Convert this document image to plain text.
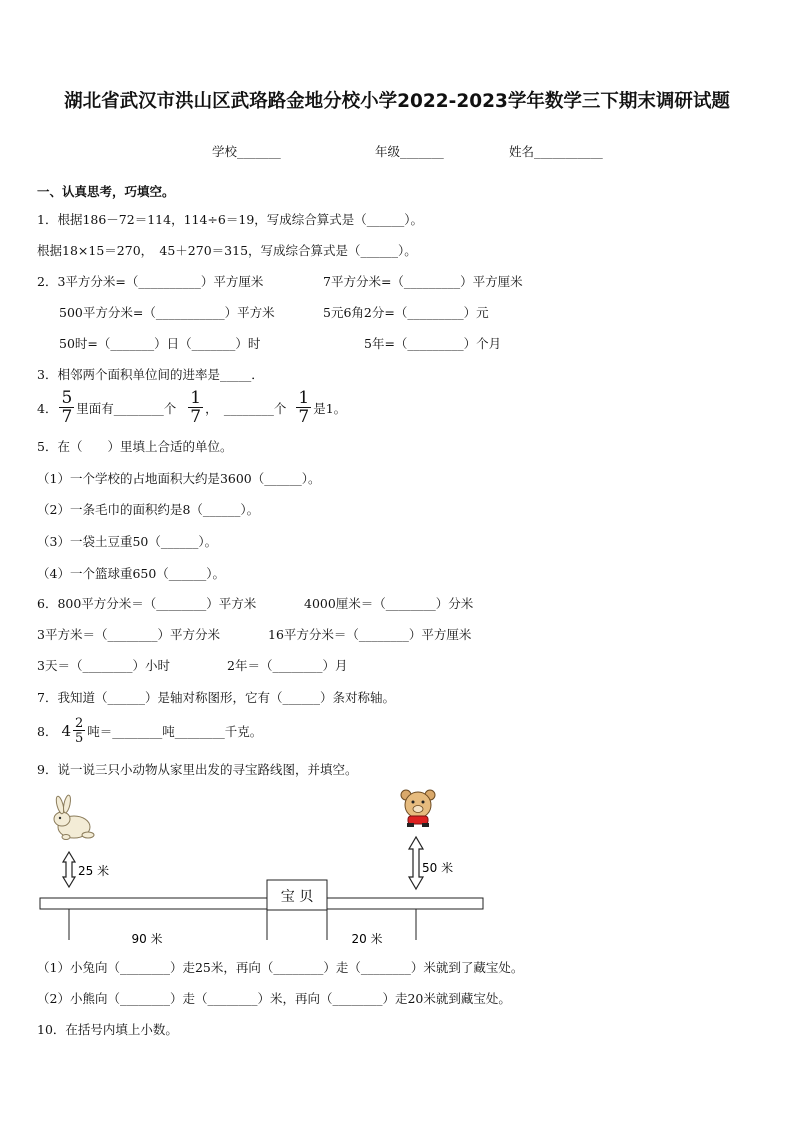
湖北省武汉市洪山区武珞路金地分校小学2022-2023学年数学三下期末调研试题
学校_______	年级_______	姓名___________
一、认真思考，巧填空。
1．根据186－72＝114，114÷6＝19，写成综合算式是（______）。
根据18×15＝270，　45＋270＝315，写成综合算式是（______）。
2．3平方分米=（__________）平方厘米	7平方分米=（_________）平方厘米
500平方分米=（___________）平方米	5元6角2分=（_________）元
50时=（_______）日（_______）时	5年=（_________）个月
3．相邻两个面积单位间的进率是_____．
4． $\frac{5}{7}$ 里面有________个 $\frac{1}{7}$ ，　________个 $\frac{1}{7}$ 是1。
5．在（　　）里填上合适的单位。
（1）一个学校的占地面积大约是3600（______）。
（2）一条毛巾的面积约是8（______）。
（3）一袋土豆重50（______）。
（4）一个篮球重650（______）。
6．800平方分米＝（________）平方米	4000厘米＝（________）分米
3平方米＝（________）平方分米	16平方分米＝（________）平方厘米
3天＝（________）小时	2年＝（________）月
7．我知道（______）是轴对称图形，它有（______）条对称轴。
8． $4 \frac{2}{5}$ 吨＝________吨________千克。
9．说一说三只小动物从家里出发的寻宝路线图，并填空。
25 米	50 米
宝 贝
90 米	20 米
（1）小兔向（________）走25米，再向（________）走（________）米就到了藏宝处。
（2）小熊向（________）走（________）米，再向（________）走20米就到藏宝处。
10．在括号内填上小数。
